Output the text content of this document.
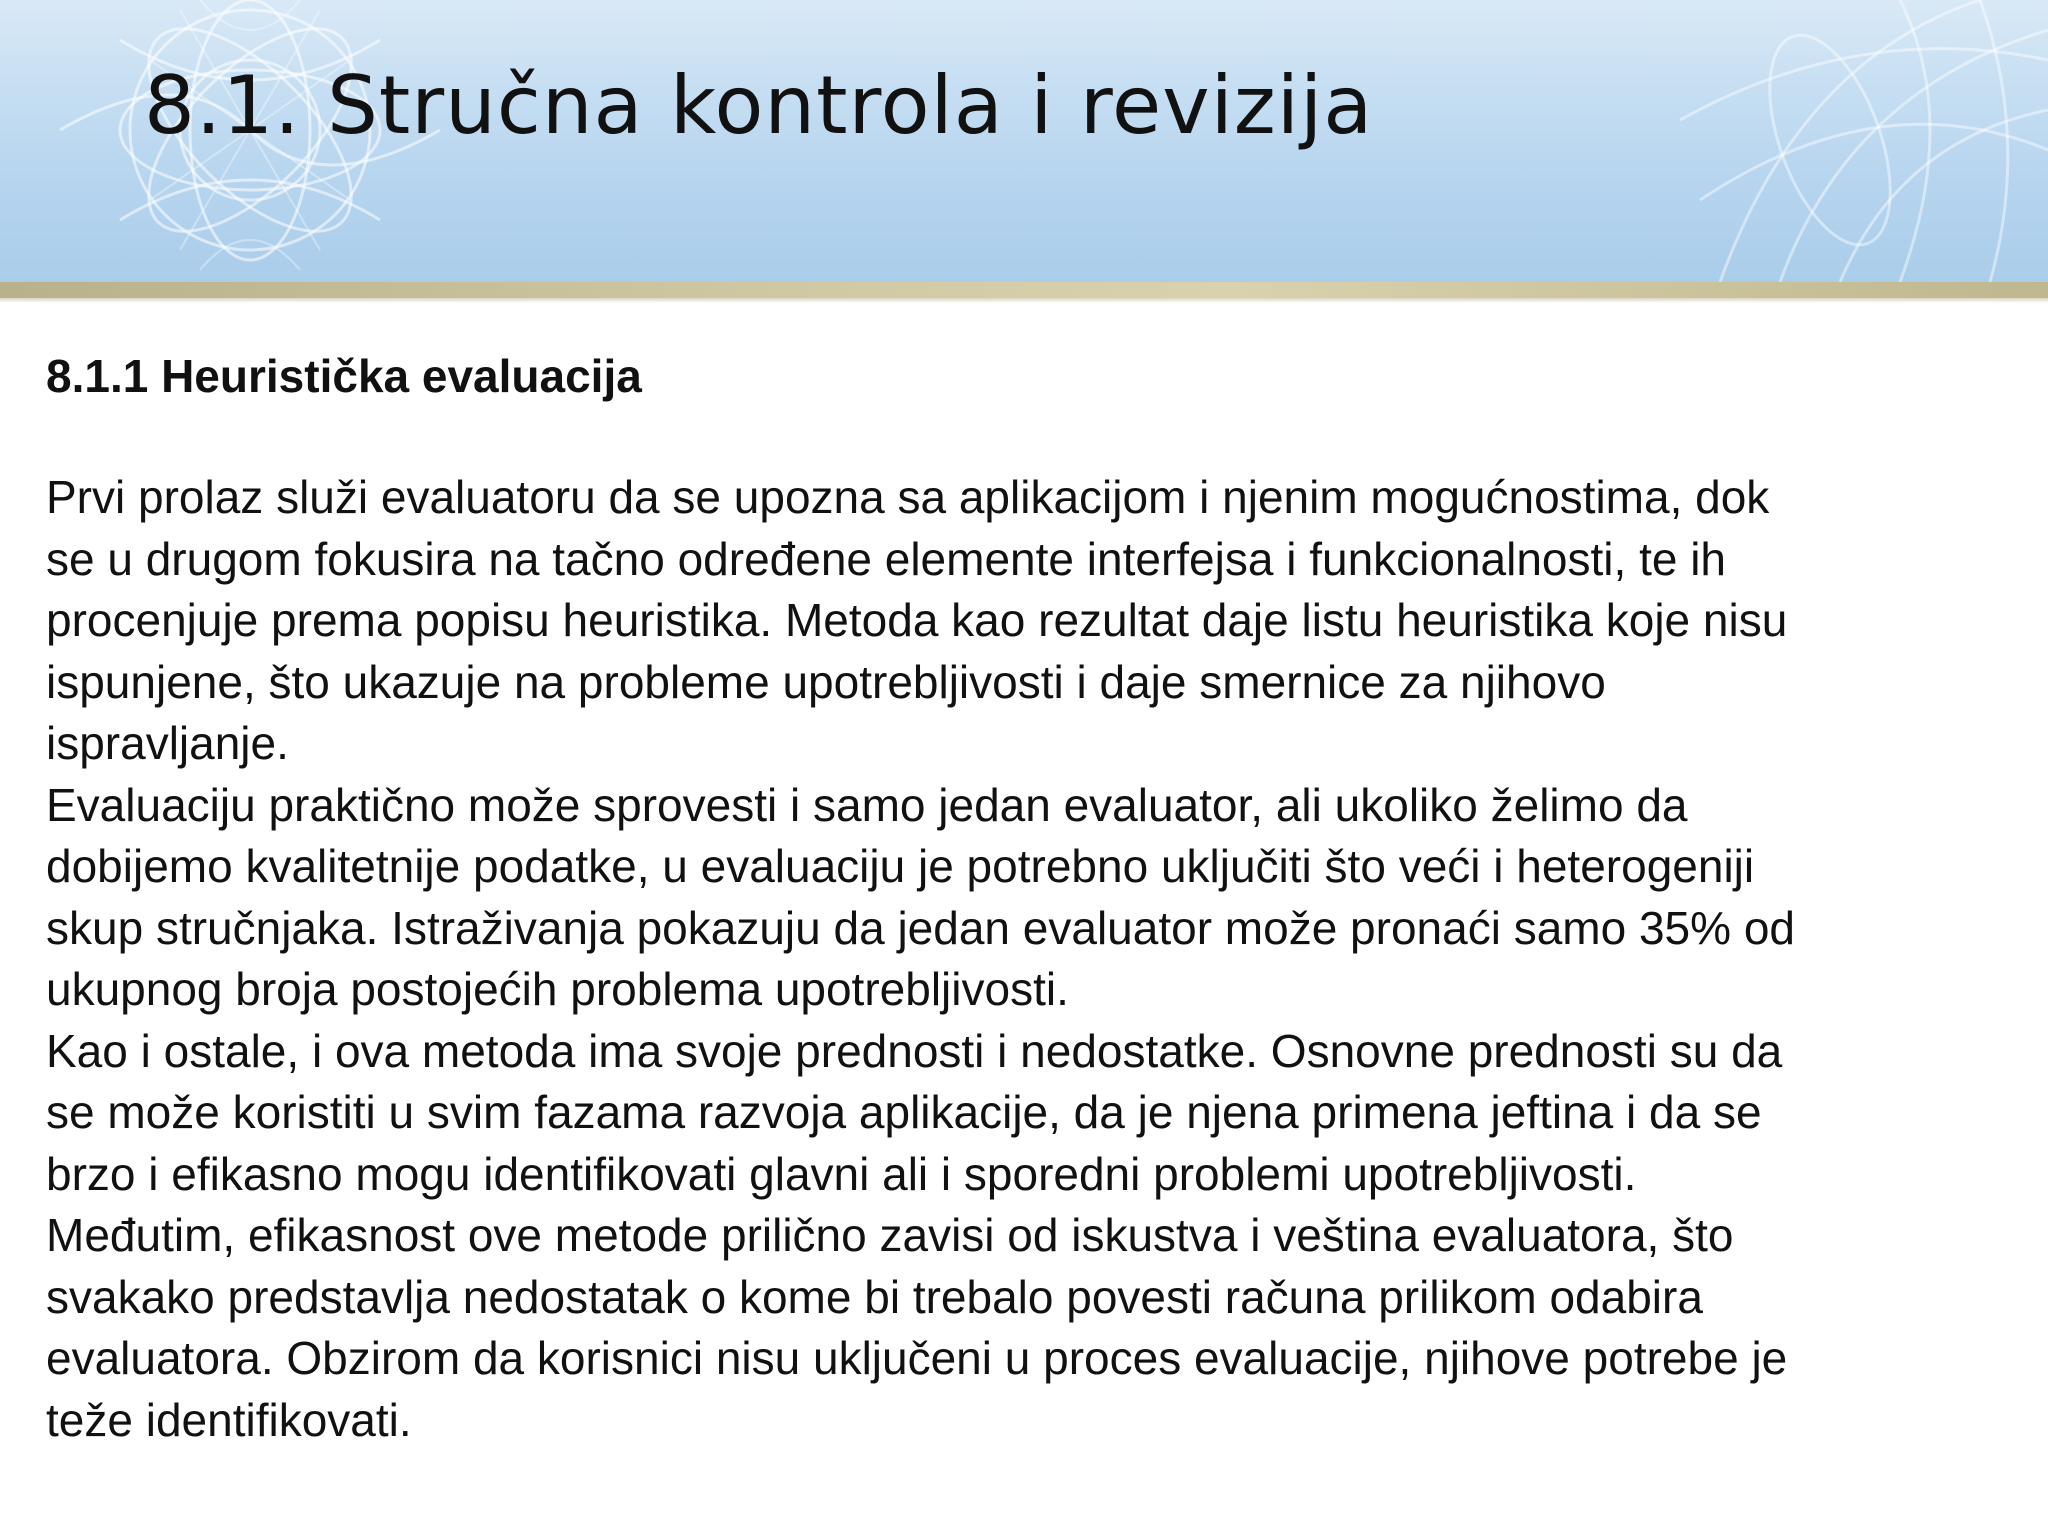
8.1. Stručna kontrola i revizija
8.1.1 Heuristička evaluacija

Prvi prolaz služi evaluatoru da se upozna sa aplikacijom i njenim mogućnostima, dok
se u drugom fokusira na tačno određene elemente interfejsa i funkcionalnosti, te ih
procenjuje prema popisu heuristika. Metoda kao rezultat daje listu heuristika koje nisu
ispunjene, što ukazuje na probleme upotrebljivosti i daje smernice za njihovo
ispravljanje.

Evaluaciju praktično može sprovesti i samo jedan evaluator, ali ukoliko želimo da
dobijemo kvalitetnije podatke, u evaluaciju je potrebno uključiti što veći i heterogeniji
skup stručnjaka. Istraživanja pokazuju da jedan evaluator može pronaći samo 35% od
ukupnog broja postojećih problema upotrebljivosti.

Kao i ostale, i ova metoda ima svoje prednosti i nedostatke. Osnovne prednosti su da
se može koristiti u svim fazama razvoja aplikacije, da je njena primena jeftina i da se
brzo i efikasno mogu identifikovati glavni ali i sporedni problemi upotrebljivosti.
Međutim, efikasnost ove metode prilično zavisi od iskustva i veština evaluatora, što
svakako predstavlja nedostatak o kome bi trebalo povesti računa prilikom odabira
evaluatora. Obzirom da korisnici nisu uključeni u proces evaluacije, njihove potrebe je
teže identifikovati.
